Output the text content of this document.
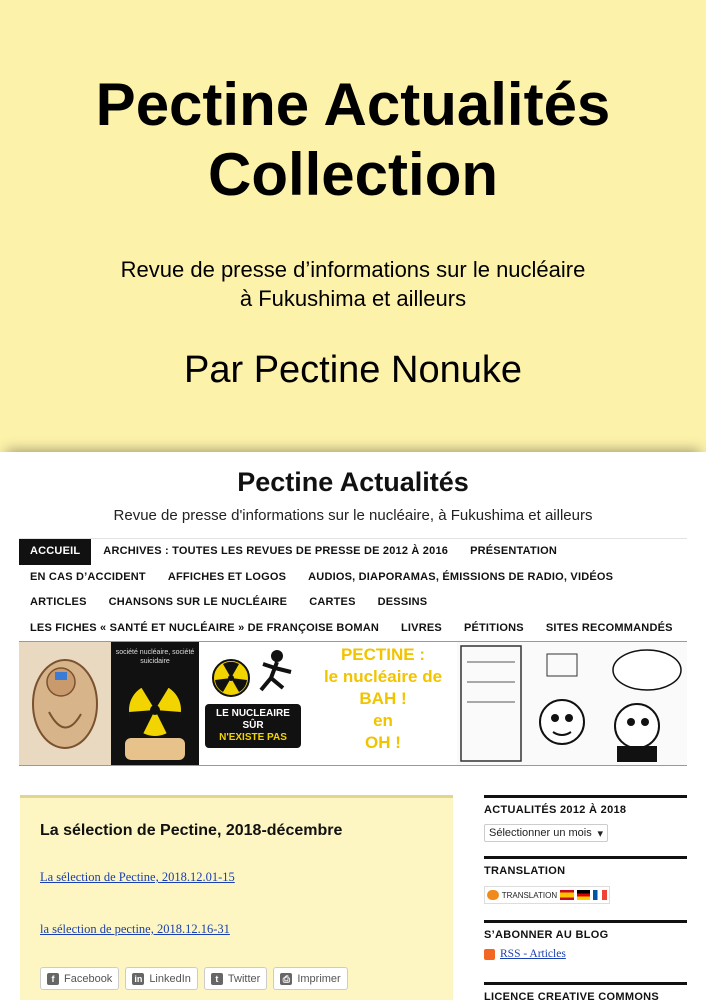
Pectine Actualités
Collection
Revue de presse d’informations sur le nucléaire
à Fukushima et ailleurs
Par Pectine Nonuke
Pectine Actualités
Revue de presse d'informations sur le nucléaire, à Fukushima et ailleurs
ACCUEIL	ARCHIVES : TOUTES LES REVUES DE PRESSE DE 2012 À 2016	PRÉSENTATION
EN CAS D’ACCIDENT	AFFICHES ET LOGOS	AUDIOS, DIAPORAMAS, ÉMISSIONS DE RADIO, VIDÉOS
ARTICLES	CHANSONS SUR LE NUCLÉAIRE	CARTES	DESSINS
LES FICHES « SANTÉ ET NUCLÉAIRE » DE FRANÇOISE BOMAN	LIVRES	PÉTITIONS	SITES RECOMMANDÉS
société nucléaire, société suicidaire
LE NUCLEAIRE SÛR
N'EXISTE PAS
PECTINE :
le nucléaire de
BAH !
en
OH !
La sélection de Pectine, 2018-décembre
La sélection de Pectine, 2018.12.01-15
la sélection de pectine, 2018.12.16-31
f Facebook in LinkedIn	t Twitter ⎙ Imprimer
ACTUALITÉS 2012 À 2018
Sélectionner un mois ▾
TRANSLATION
TRANSLATION
S’ABONNER AU BLOG
RSS - Articles
LICENCE CREATIVE COMMONS
